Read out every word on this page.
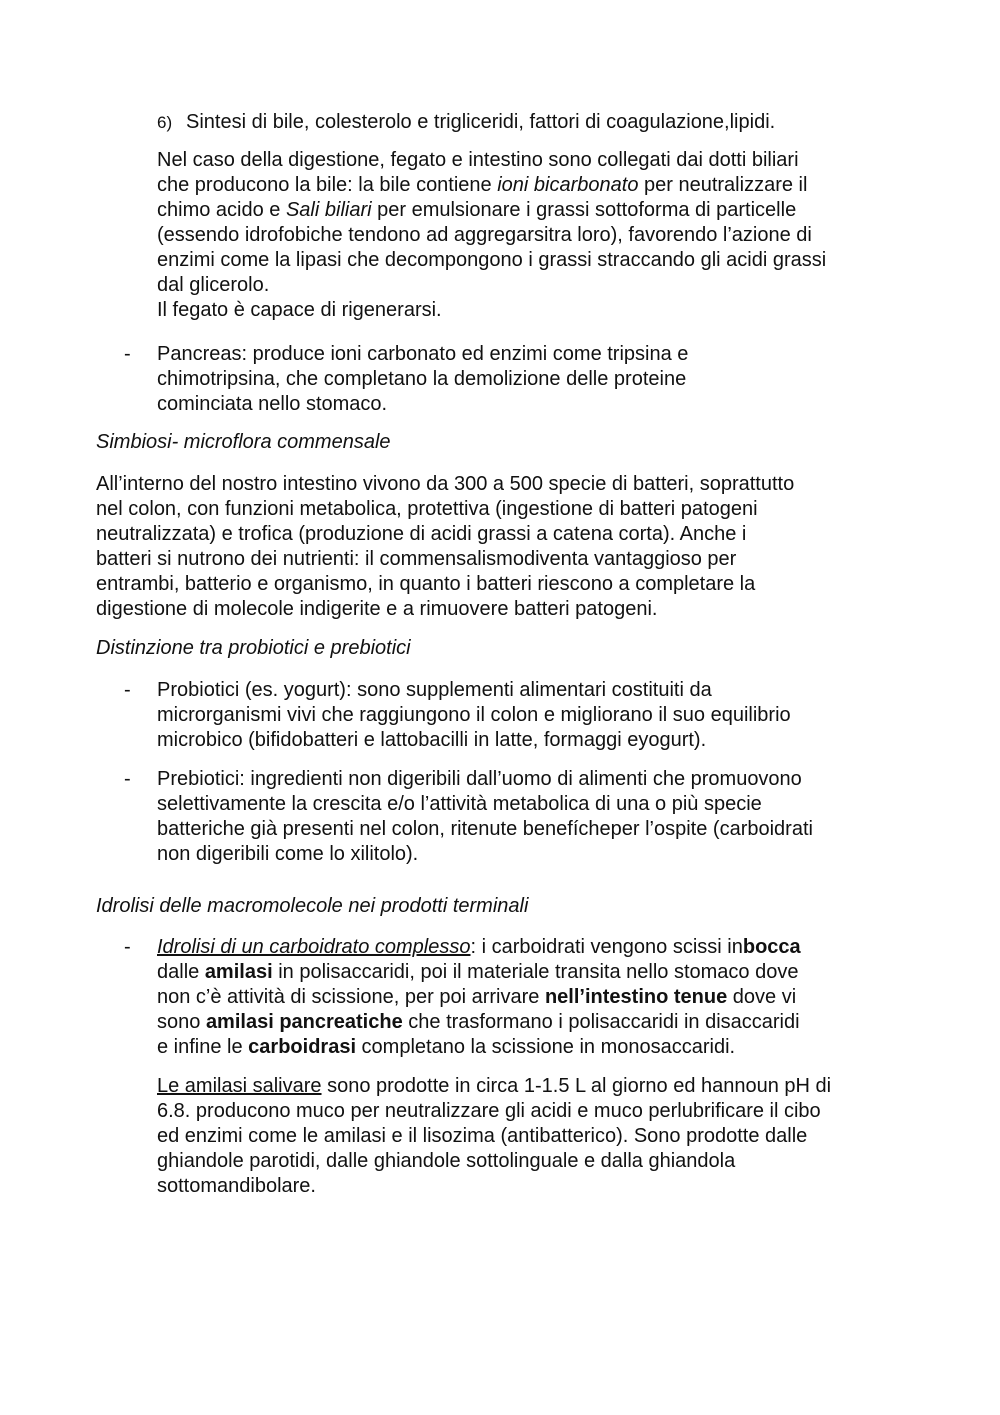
6) Sintesi di bile, colesterolo e trigliceridi, fattori di coagulazione,lipidi.
Nel caso della digestione, fegato e intestino sono collegati dai dotti biliari
che producono la bile: la bile contiene ioni bicarbonato per neutralizzare il
chimo acido e Sali biliari per emulsionare i grassi sottoforma di particelle
(essendo idrofobiche tendono ad aggregarsitra loro), favorendo l’azione di
enzimi come la lipasi che decompongono i grassi straccando gli acidi grassi
dal glicerolo.
Il fegato è capace di rigenerarsi.
- Pancreas: produce ioni carbonato ed enzimi come tripsina e
chimotripsina, che completano la demolizione delle proteine
cominciata nello stomaco.
Simbiosi- microflora commensale
All’interno del nostro intestino vivono da 300 a 500 specie di batteri, soprattutto
nel colon, con funzioni metabolica, protettiva (ingestione di batteri patogeni
neutralizzata) e trofica (produzione di acidi grassi a catena corta). Anche i
batteri si nutrono dei nutrienti: il commensalismodiventa vantaggioso per
entrambi, batterio e organismo, in quanto i batteri riescono a completare la
digestione di molecole indigerite e a rimuovere batteri patogeni.
Distinzione tra probiotici e prebiotici
- Probiotici (es. yogurt): sono supplementi alimentari costituiti da
microrganismi vivi che raggiungono il colon e migliorano il suo equilibrio
microbico (bifidobatteri e lattobacilli in latte, formaggi eyogurt).
- Prebiotici: ingredienti non digeribili dall’uomo di alimenti che promuovono
selettivamente la crescita e/o l’attività metabolica di una o più specie
batteriche già presenti nel colon, ritenute benefícheper l’ospite (carboidrati
non digeribili come lo xilitolo).
Idrolisi delle macromolecole nei prodotti terminali
- Idrolisi di un carboidrato complesso: i carboidrati vengono scissi inbocca
dalle amilasi in polisaccaridi, poi il materiale transita nello stomaco dove
non c’è attività di scissione, per poi arrivare nell’intestino tenue dove vi
sono amilasi pancreatiche che trasformano i polisaccaridi in disaccaridi
e infine le carboidrasi completano la scissione in monosaccaridi.
Le amilasi salivare sono prodotte in circa 1-1.5 L al giorno ed hannoun pH di
6.8. producono muco per neutralizzare gli acidi e muco perlubrificare il cibo
ed enzimi come le amilasi e il lisozima (antibatterico). Sono prodotte dalle
ghiandole parotidi, dalle ghiandole sottolinguale e dalla ghiandola
sottomandibolare.
